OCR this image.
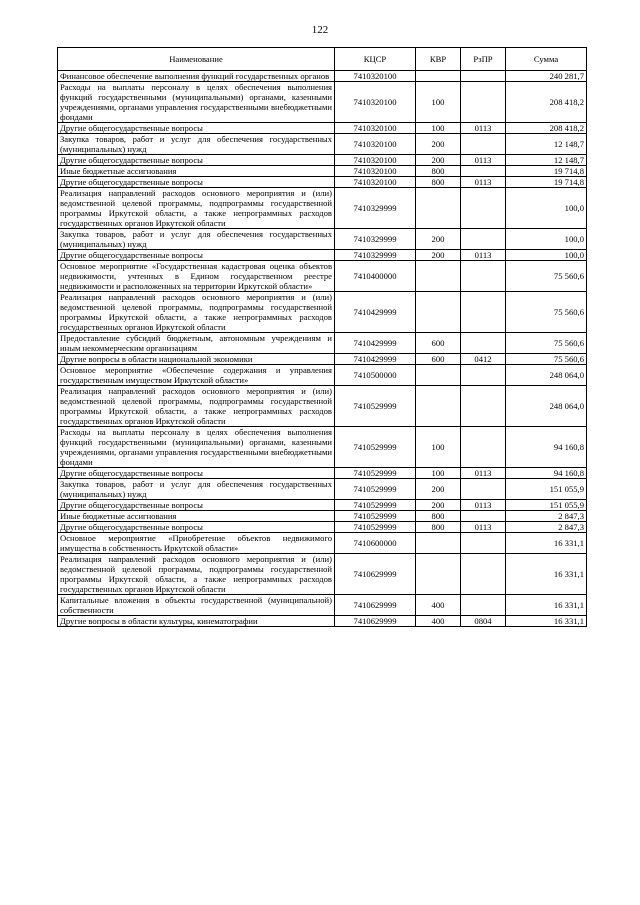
122
Наименование	КЦСР	КВР	РзПР	Сумма
Финансовое обеспечение выполнения функций государственных органов	7410320100			240 281,7
Расходы на выплаты персоналу в целях обеспечения выполнения функций государственными (муниципальными) органами, казенными учреждениями, органами управления государственными внебюджетными фондами	7410320100	100		208 418,2
Другие общегосударственные вопросы	7410320100	100	0113	208 418,2
Закупка товаров, работ и услуг для обеспечения государственных (муниципальных) нужд	7410320100	200		12 148,7
Другие общегосударственные вопросы	7410320100	200	0113	12 148,7
Иные бюджетные ассигнования	7410320100	800		19 714,8
Другие общегосударственные вопросы	7410320100	800	0113	19 714,8
Реализация направлений расходов основного мероприятия и (или) ведомственной целевой программы, подпрограммы государственной программы Иркутской области, а также непрограммных расходов государственных органов Иркутской области	7410329999			100,0
Закупка товаров, работ и услуг для обеспечения государственных (муниципальных) нужд	7410329999	200		100,0
Другие общегосударственные вопросы	7410329999	200	0113	100,0
Основное мероприятие «Государственная кадастровая оценка объектов недвижимости, учтенных в Едином государственном реестре недвижимости и расположенных на территории Иркутской области»	7410400000			75 560,6
Реализация направлений расходов основного мероприятия и (или) ведомственной целевой программы, подпрограммы государственной программы Иркутской области, а также непрограммных расходов государственных органов Иркутской области	7410429999			75 560,6
Предоставление субсидий бюджетным, автономным учреждениям и иным некоммерческим организациям	7410429999	600		75 560,6
Другие вопросы в области национальной экономики	7410429999	600	0412	75 560,6
Основное мероприятие «Обеспечение содержания и управления государственным имуществом Иркутской области»	7410500000			248 064,0
Реализация направлений расходов основного мероприятия и (или) ведомственной целевой программы, подпрограммы государственной программы Иркутской области, а также непрограммных расходов государственных органов Иркутской области	7410529999			248 064,0
Расходы на выплаты персоналу в целях обеспечения выполнения функций государственными (муниципальными) органами, казенными учреждениями, органами управления государственными внебюджетными фондами	7410529999	100		94 160,8
Другие общегосударственные вопросы	7410529999	100	0113	94 160,8
Закупка товаров, работ и услуг для обеспечения государственных (муниципальных) нужд	7410529999	200		151 055,9
Другие общегосударственные вопросы	7410529999	200	0113	151 055,9
Иные бюджетные ассигнования	7410529999	800		2 847,3
Другие общегосударственные вопросы	7410529999	800	0113	2 847,3
Основное мероприятие «Приобретение объектов недвижимого имущества в собственность Иркутской области»	7410600000			16 331,1
Реализация направлений расходов основного мероприятия и (или) ведомственной целевой программы, подпрограммы государственной программы Иркутской области, а также непрограммных расходов государственных органов Иркутской области	7410629999			16 331,1
Капитальные вложения в объекты государственной (муниципальной) собственности	7410629999	400		16 331,1
Другие вопросы в области культуры, кинематографии	7410629999	400	0804	16 331,1
